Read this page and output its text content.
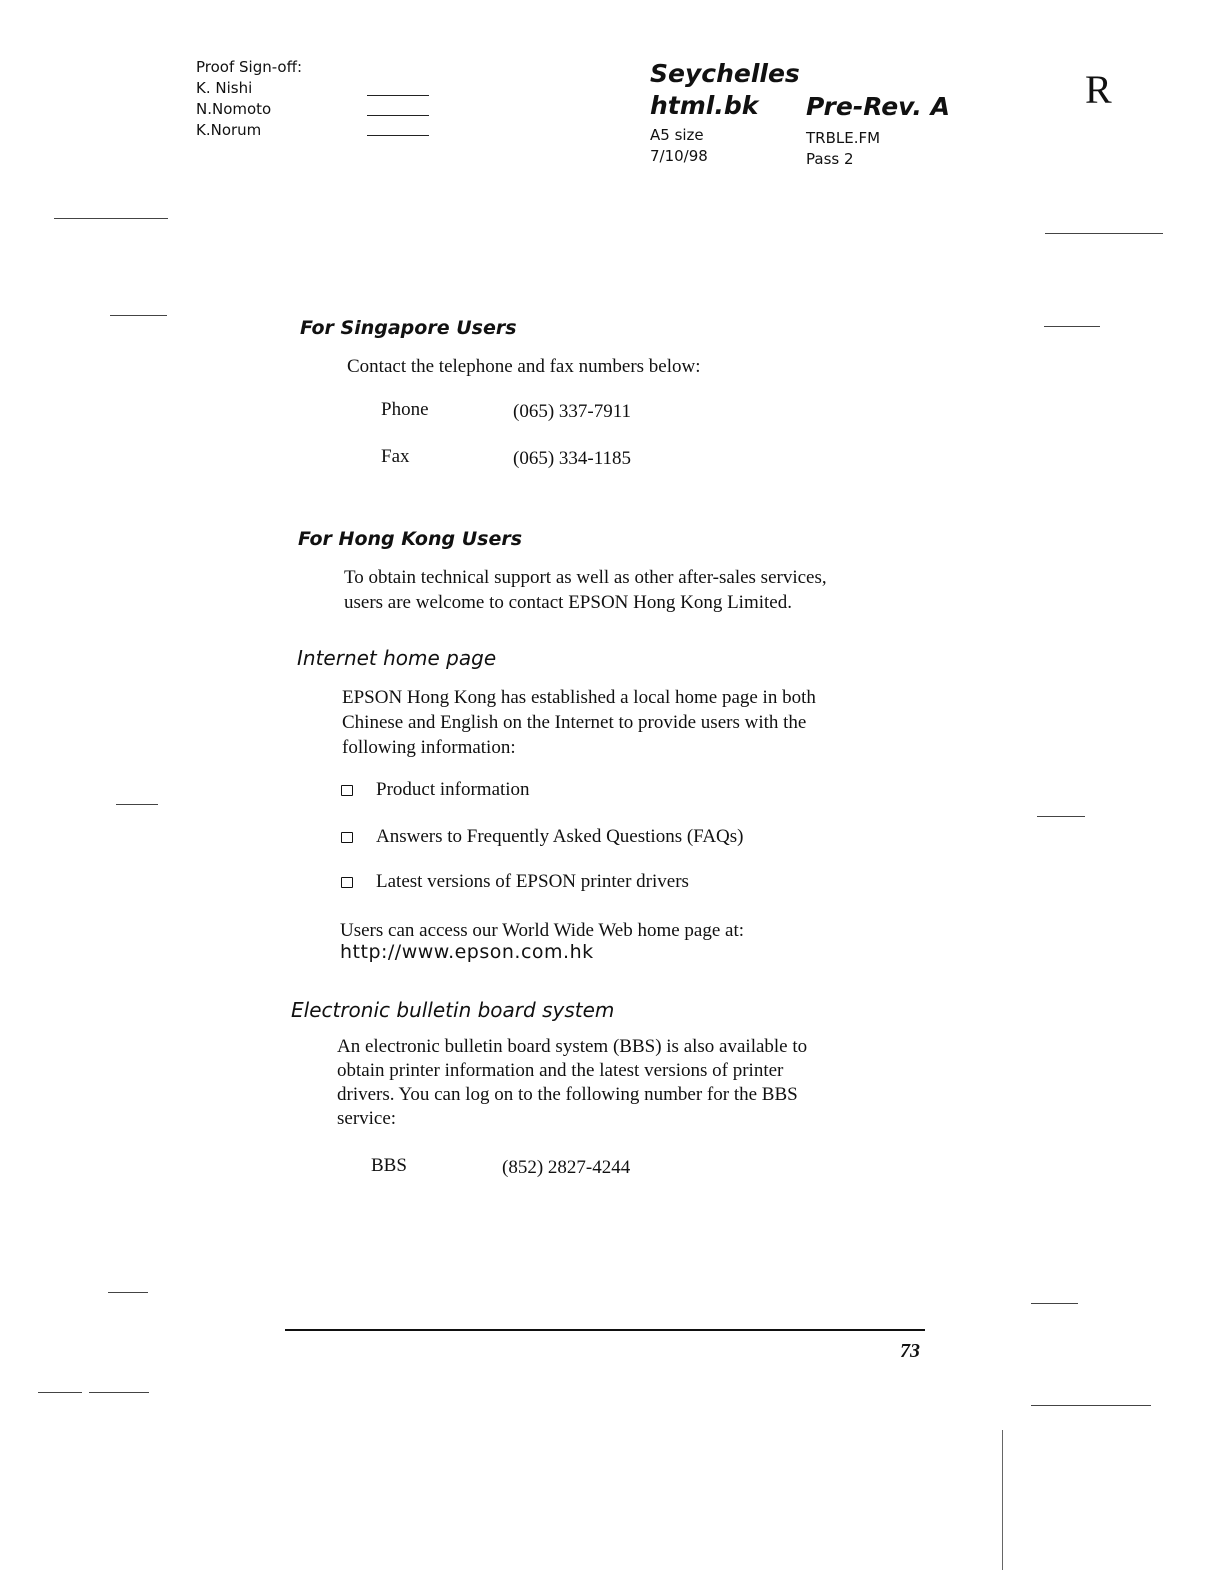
Proof Sign-off:
K. Nishi
N.Nomoto
K.Norum
Seychelles
html.bk
A5 size
7/10/98
Pre-Rev. A
TRBLE.FM
Pass 2
R
For Singapore Users
Contact the telephone and fax numbers below:
Phone	(065) 337-7911
Fax	(065) 334-1185
For Hong Kong Users
To obtain technical support as well as other after-sales services,
users are welcome to contact EPSON Hong Kong Limited.
Internet home page
EPSON Hong Kong has established a local home page in both
Chinese and English on the Internet to provide users with the
following information:
Product information
Answers to Frequently Asked Questions (FAQs)
Latest versions of EPSON printer drivers
Users can access our World Wide Web home page at:
http://www.epson.com.hk
Electronic bulletin board system
An electronic bulletin board system (BBS) is also available to
obtain printer information and the latest versions of printer
drivers. You can log on to the following number for the BBS
service:
BBS	(852) 2827-4244
73
